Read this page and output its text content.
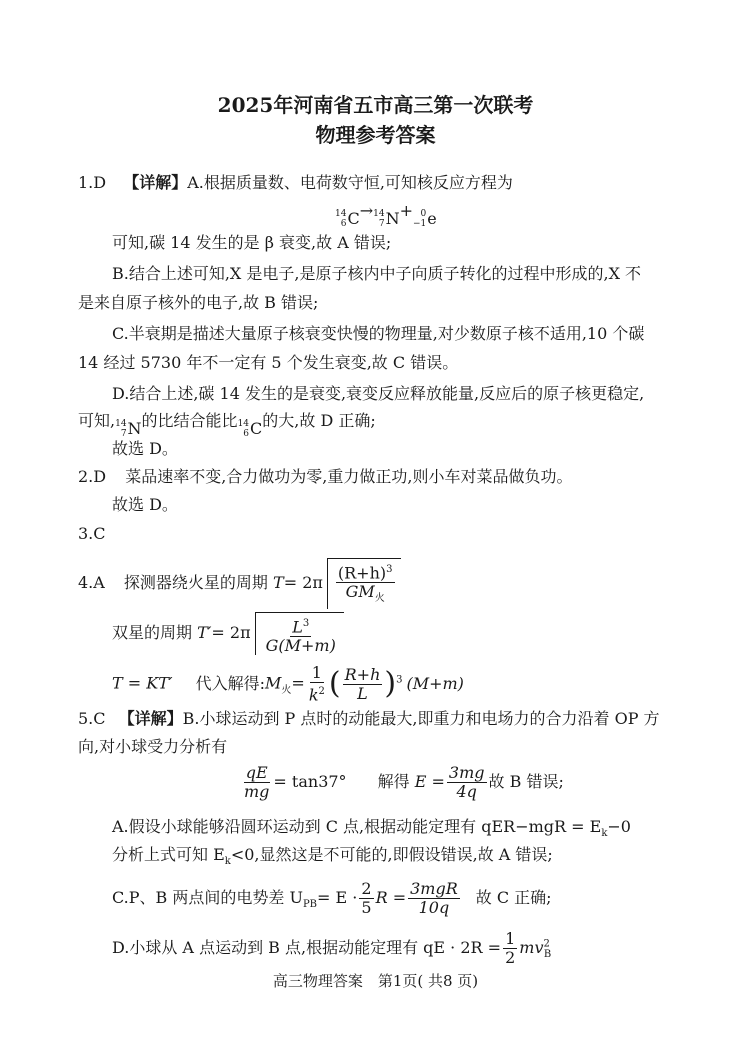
2025年河南省五市高三第一次联考
物理参考答案
1.D 【详解】A.根据质量数、电荷数守恒,可知核反应方程为
14
6 C → 14
7 N + 0
−1 e
可知,碳 14 发生的是 β 衰变,故 A 错误;
B.结合上述可知,X 是电子,是原子核内中子向质子转化的过程中形成的,X 不
是来自原子核外的电子,故 B 错误;
C.半衰期是描述大量原子核衰变快慢的物理量,对少数原子核不适用,10 个碳
14 经过 5730 年不一定有 5 个发生衰变,故 C 错误。
D.结合上述,碳 14 发生的是衰变,衰变反应释放能量,反应后的原子核更稳定,
可知, 14
7 N 的比结合能比 14
6 C 的大,故 D 正确;
故选 D。
2.D 菜品速率不变,合力做功为零,重力做正功,则小车对菜品做负功。
故选 D。
3.C
4.A 探测器绕火星的周期 $T= 2\pi \frac{(R+h)^3}{GM_火}$
双星的周期 $T'= 2\pi \frac{L^3}{G(M+m)}$
T = KT′ 代入解得$:M_火= \frac{1}{k^2}$ ( $\frac{R+h}{L} )^3$ (M+m)
5.C 【详解】B.小球运动到 P 点时的动能最大,即重力和电场力的合力沿着 OP 方
向,对小球受力分析有
$\frac{qE}{mg} = \tan 37^\circ$ 解得 $E = \frac{3mg}{4q}$ 故 B 错误;
A.假设小球能够沿圆环运动到 C 点,根据动能定理有 $qER-mgR = E_k-0$
分析上式可知 $E_k<0$,显然这是不可能的,即假设错误,故 A 错误;
C.P、B 两点间的电势差 $U_{PB}= E \cdot \frac{2}{5}$ $R = \frac{\text{3mgR}}{10q}$ 故 C 正确;
D.小球从 A 点运动到 B 点,根据动能定理有 qE · $2R = \frac{1}{2} mv^2_B$
高三物理答案　第1页( 共8 页)
